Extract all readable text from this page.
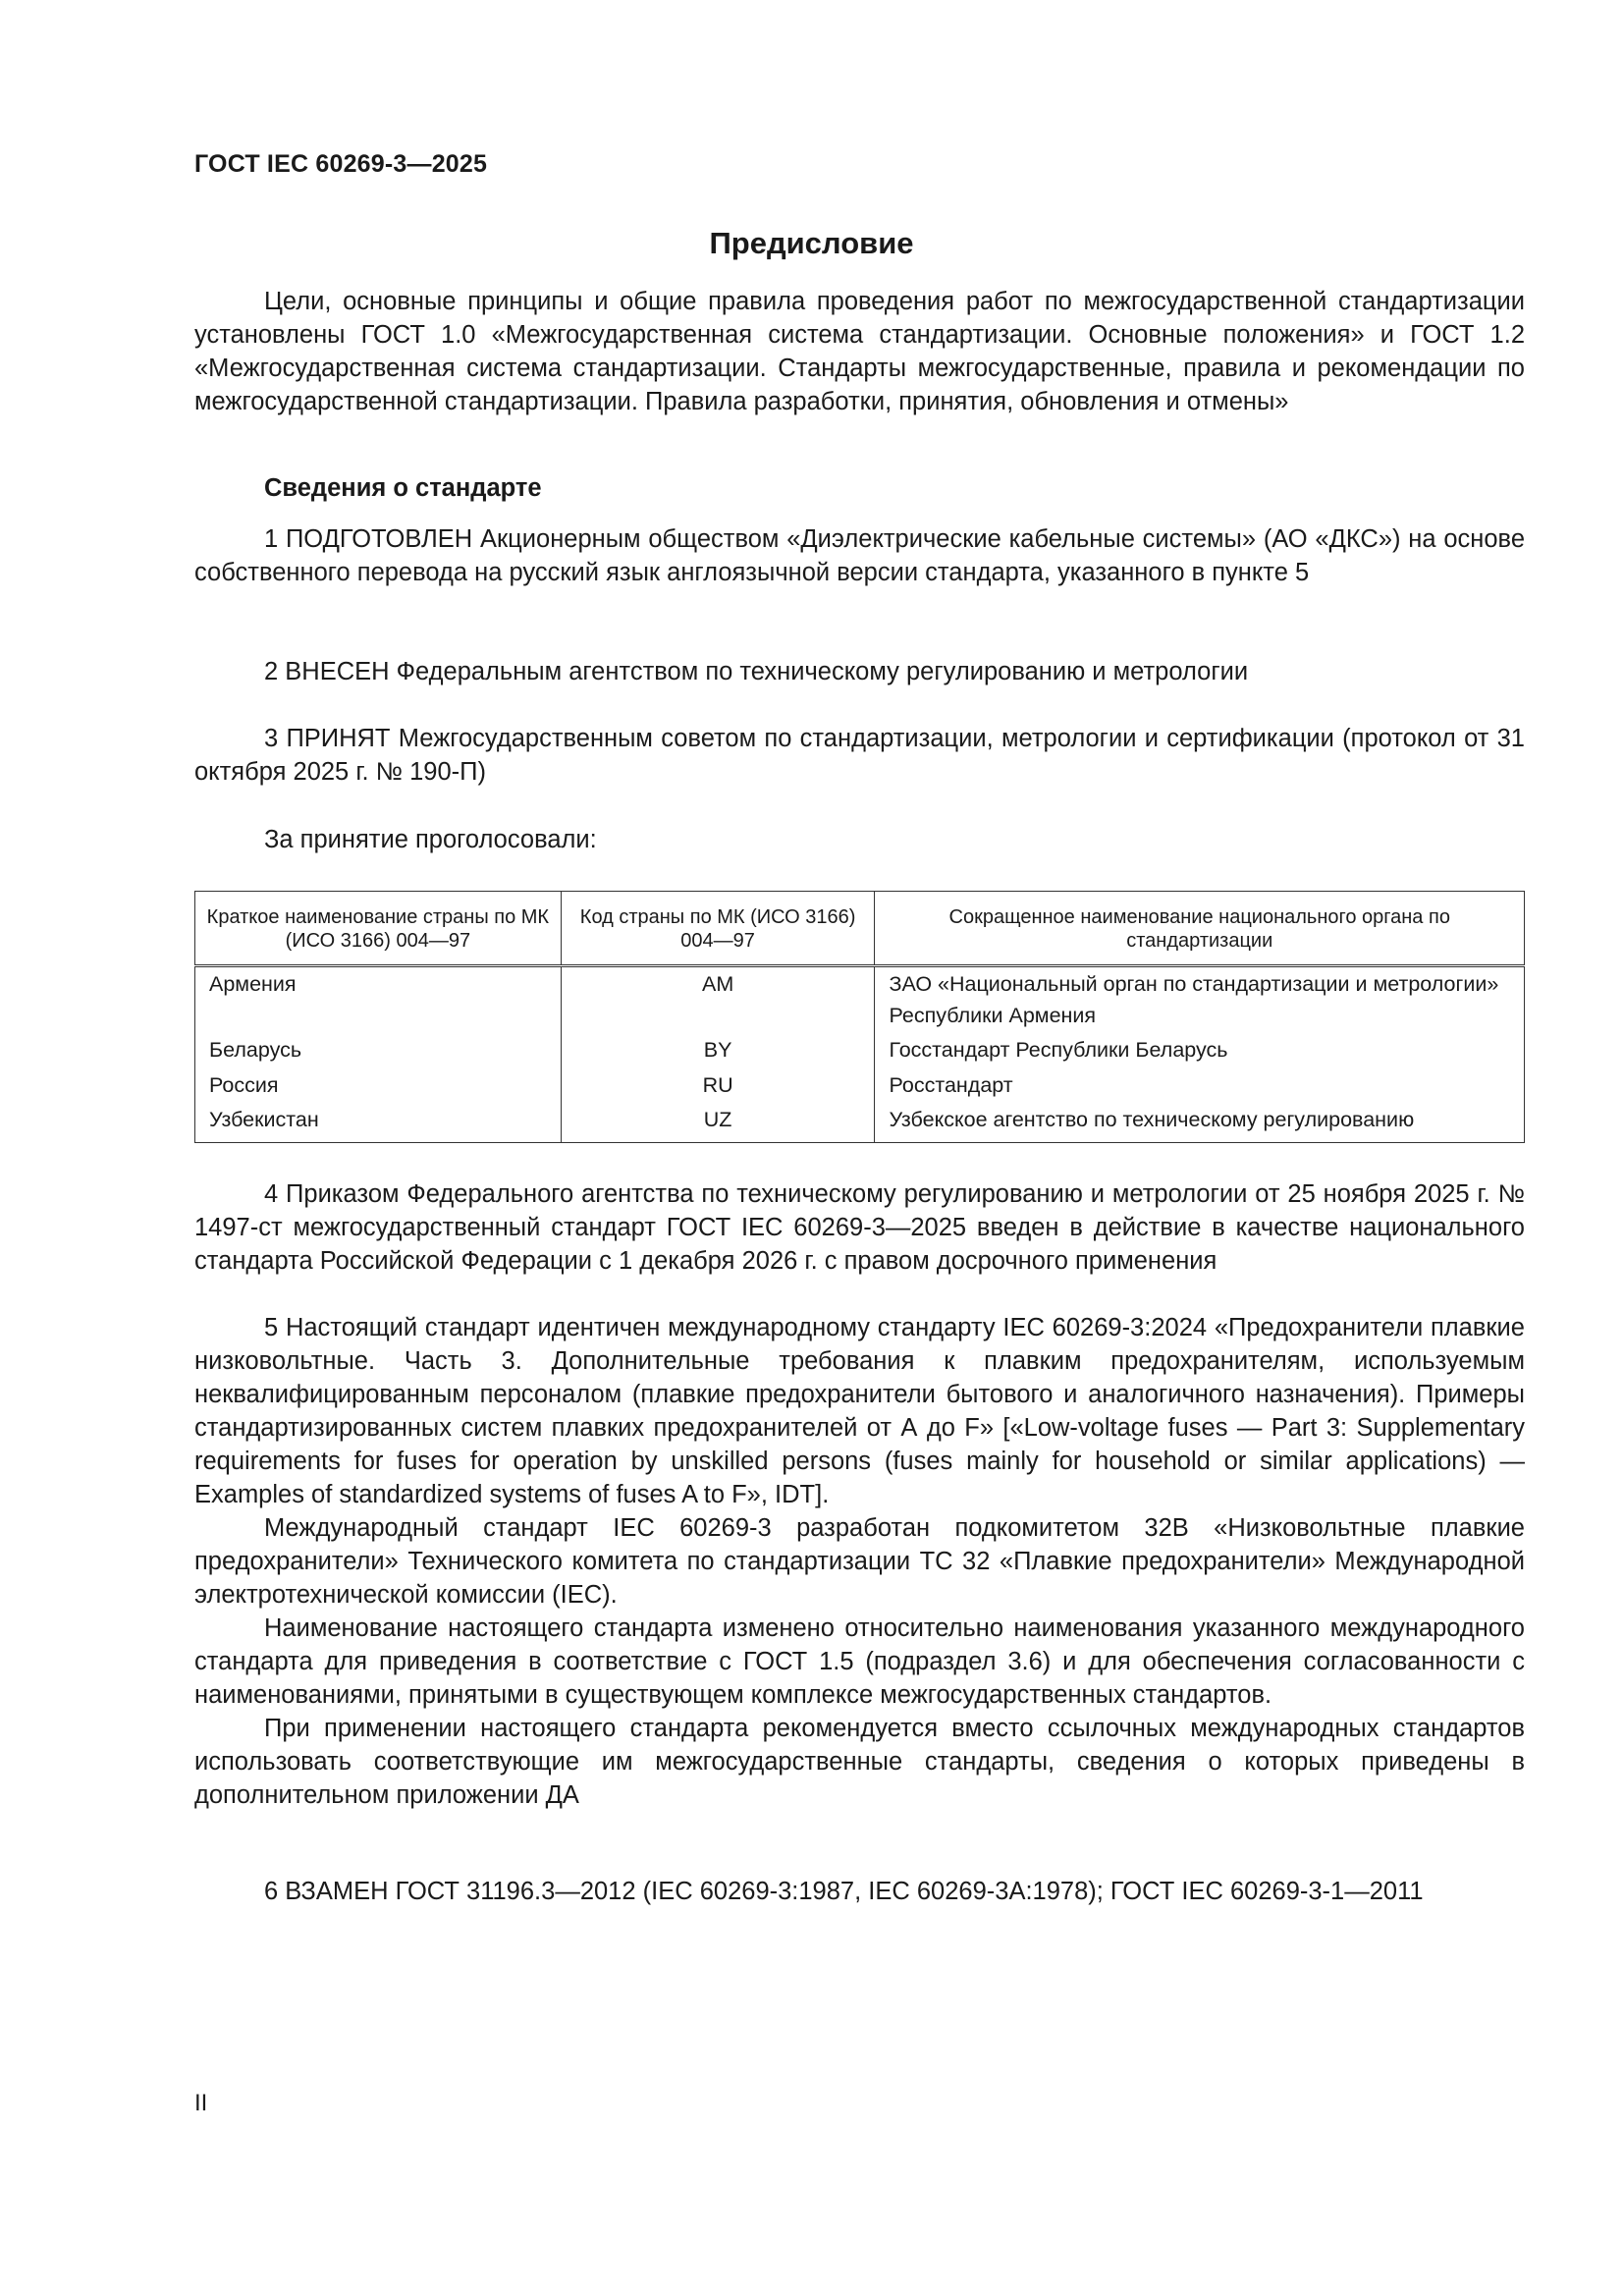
ГОСТ IEC 60269-3—2025
Предисловие

Цели, основные принципы и общие правила проведения работ по межгосударственной стандартизации установлены ГОСТ 1.0 «Межгосударственная система стандартизации. Основные положения» и ГОСТ 1.2 «Межгосударственная система стандартизации. Стандарты межгосударственные, правила и рекомендации по межгосударственной стандартизации. Правила разработки, принятия, обновления и отмены»

Сведения о стандарте
1 ПОДГОТОВЛЕН Акционерным обществом «Диэлектрические кабельные системы» (АО «ДКС») на основе собственного перевода на русский язык англоязычной версии стандарта, указанного в пункте 5
2 ВНЕСЕН Федеральным агентством по техническому регулированию и метрологии
3 ПРИНЯТ Межгосударственным советом по стандартизации, метрологии и сертификации (протокол от 31 октября 2025 г. № 190-П)
За принятие проголосовали:
Краткое наименование страны по МК (ИСО 3166) 004—97	Код страны по МК (ИСО 3166) 004—97	Сокращенное наименование национального органа по стандартизации
Армения	AM	ЗАО «Национальный орган по стандартизации и метрологии» Республики Армения
Беларусь	BY	Госстандарт Республики Беларусь
Россия	RU	Росстандарт
Узбекистан	UZ	Узбекское агентство по техническому регулированию
4 Приказом Федерального агентства по техническому регулированию и метрологии от 25 ноября 2025 г. № 1497-ст межгосударственный стандарт ГОСТ IEC 60269-3—2025 введен в действие в качестве национального стандарта Российской Федерации с 1 декабря 2026 г. с правом досрочного применения

5 Настоящий стандарт идентичен международному стандарту IEC 60269-3:2024 «Предохранители плавкие низковольтные. Часть 3. Дополнительные требования к плавким предохранителям, используемым неквалифицированным персоналом (плавкие предохранители бытового и аналогичного назначения). Примеры стандартизированных систем плавких предохранителей от А до F» [«Low-voltage fuses — Part 3: Supplementary requirements for fuses for operation by unskilled persons (fuses mainly for household or similar applications) — Examples of standardized systems of fuses A to F», IDT].

Международный стандарт IEC 60269-3 разработан подкомитетом 32В «Низковольтные плавкие предохранители» Технического комитета по стандартизации ТС 32 «Плавкие предохранители» Международной электротехнической комиссии (IEC).

Наименование настоящего стандарта изменено относительно наименования указанного международного стандарта для приведения в соответствие с ГОСТ 1.5 (подраздел 3.6) и для обеспечения согласованности с наименованиями, принятыми в существующем комплексе межгосударственных стандартов.

При применении настоящего стандарта рекомендуется вместо ссылочных международных стандартов использовать соответствующие им межгосударственные стандарты, сведения о которых приведены в дополнительном приложении ДА

6 ВЗАМЕН ГОСТ 31196.3—2012 (IEC 60269-3:1987, IEC 60269-3A:1978); ГОСТ IEC 60269-3-1—2011
II
